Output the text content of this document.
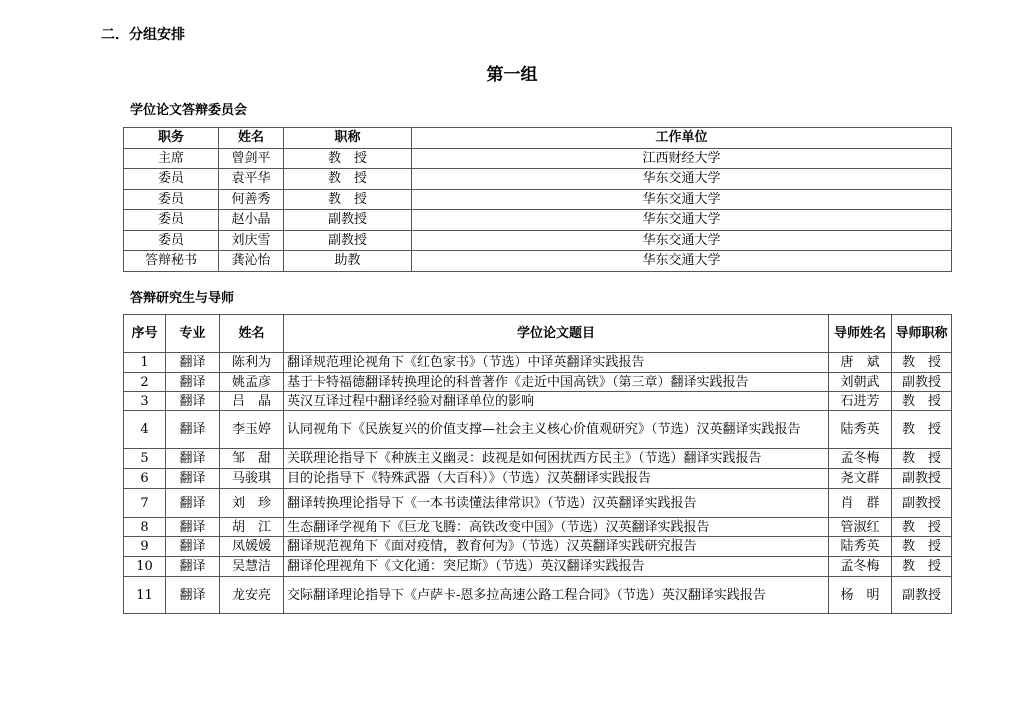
二．分组安排
第一组
学位论文答辩委员会
职务	姓名	职称	工作单位
主席	曾剑平	教　授	江西财经大学
委员	袁平华	教　授	华东交通大学
委员	何善秀	教　授	华东交通大学
委员	赵小晶	副教授	华东交通大学
委员	刘庆雪	副教授	华东交通大学
答辩秘书	龚沁怡	助教	华东交通大学
答辩研究生与导师
序号	专业	姓名	学位论文题目	导师姓名	导师职称
1	翻译	陈利为	翻译规范理论视角下《红色家书》（节选）中译英翻译实践报告	唐　斌	教　授
2	翻译	姚孟彦	基于卡特福德翻译转换理论的科普著作《走近中国高铁》（第三章）翻译实践报告	刘朝武	副教授
3	翻译	吕　晶	英汉互译过程中翻译经验对翻译单位的影响	石进芳	教　授
4	翻译	李玉婷	认同视角下《民族复兴的价值支撑—社会主义核心价值观研究》（节选）汉英翻译实践报告	陆秀英	教　授
5	翻译	邹　甜	关联理论指导下《种族主义幽灵：歧视是如何困扰西方民主》（节选）翻译实践报告	孟冬梅	教　授
6	翻译	马骏琪	目的论指导下《特殊武器（大百科）》（节选）汉英翻译实践报告	尧文群	副教授
7	翻译	刘　珍	翻译转换理论指导下《一本书读懂法律常识》（节选）汉英翻译实践报告	肖　群	副教授
8	翻译	胡　江	生态翻译学视角下《巨龙飞腾：高铁改变中国》（节选）汉英翻译实践报告	管淑红	教　授
9	翻译	凤媛媛	翻译规范视角下《面对疫情，教育何为》（节选）汉英翻译实践研究报告	陆秀英	教　授
10	翻译	吴慧洁	翻译伦理视角下《文化通：突尼斯》（节选）英汉翻译实践报告	孟冬梅	教　授
11	翻译	龙安亮	交际翻译理论指导下《卢萨卡-恩多拉高速公路工程合同》（节选）英汉翻译实践报告	杨　明	副教授
